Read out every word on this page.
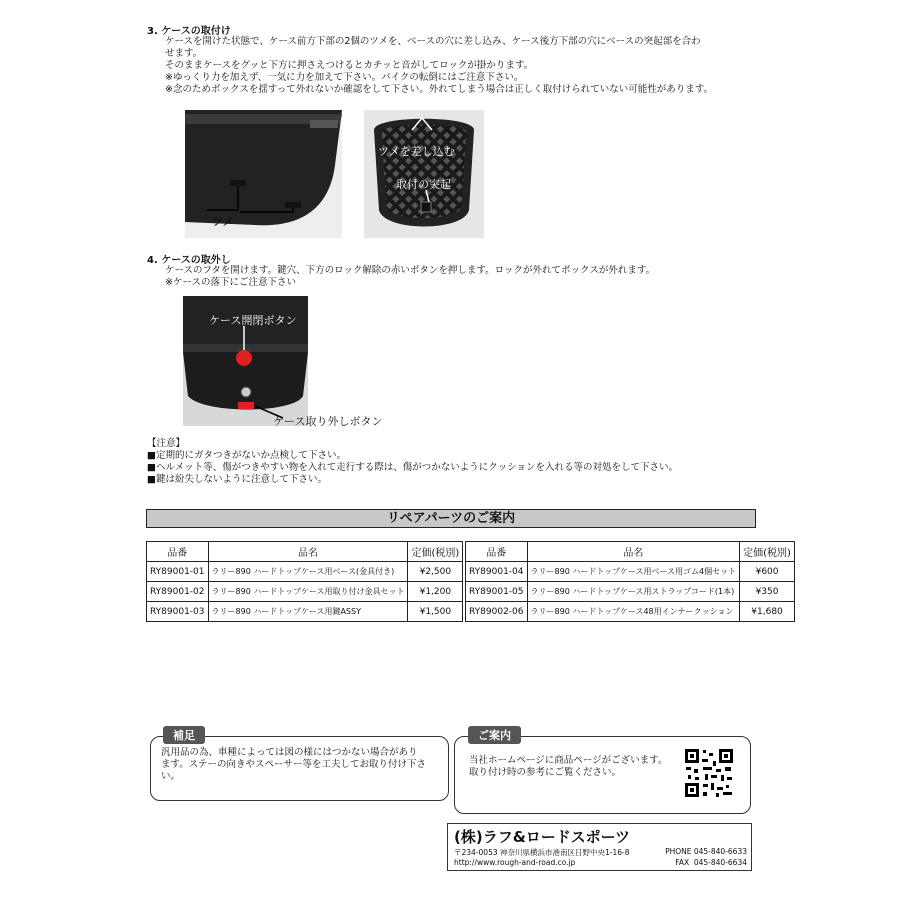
3. ケースの取付け
ケースを開けた状態で、ケース前方下部の2個のツメを、ベースの穴に差し込み、ケース後方下部の穴にベースの突起部を合わ
せます。
そのままケースをグッと下方に押さえつけるとカチッと音がしてロックが掛かります。
※ゆっくり力を加えず、一気に力を加えて下さい。バイクの転倒にはご注意下さい。
※念のためボックスを揺すって外れないか確認をして下さい。外れてしまう場合は正しく取付けられていない可能性があります。
ツメ
ツメを差し込む
取付の突起
4. ケースの取外し
ケースのフタを開けます。鍵穴、下方のロック解除の赤いボタンを押します。ロックが外れてボックスが外れます。
※ケースの落下にご注意下さい
ケース開閉ボタン
ケース取り外しボタン
【注意】
■定期的にガタつきがないか点検して下さい。
■ヘルメット等、傷がつきやすい物を入れて走行する際は、傷がつかないようにクッションを入れる等の対処をして下さい。
■鍵は紛失しないように注意して下さい。
リペアパーツのご案内
品番	品名	定価(税別)
RY89001-01	ラリー890 ハードトップケース用ベース(金具付き)	¥2,500
RY89001-02	ラリー890 ハードトップケース用取り付け金具セット	¥1,200
RY89001-03	ラリー890 ハードトップケース用鍵ASSY	¥1,500
品番	品名	定価(税別)
RY89001-04	ラリー890 ハードトップケース用ベース用ゴム4個セット	¥600
RY89001-05	ラリー890 ハードトップケース用ストラップコード(1本)	¥350
RY89002-06	ラリー890 ハードトップケース48用インナークッション	¥1,680
汎用品の為、車種によっては図の様にはつかない場合があり
ます。ステーの向きやスペーサー等を工夫してお取り付け下さ
い。
補足
当社ホームページに商品ページがございます。
取り付け時の参考にご覧ください。
ご案内
(株)ラフ&ロードスポーツ
〒234-0053 神奈川県横浜市港南区日野中央1-16-8	PHONE 045-840-6633
http://www.rough-and-road.co.jp	FAX  045-840-6634
